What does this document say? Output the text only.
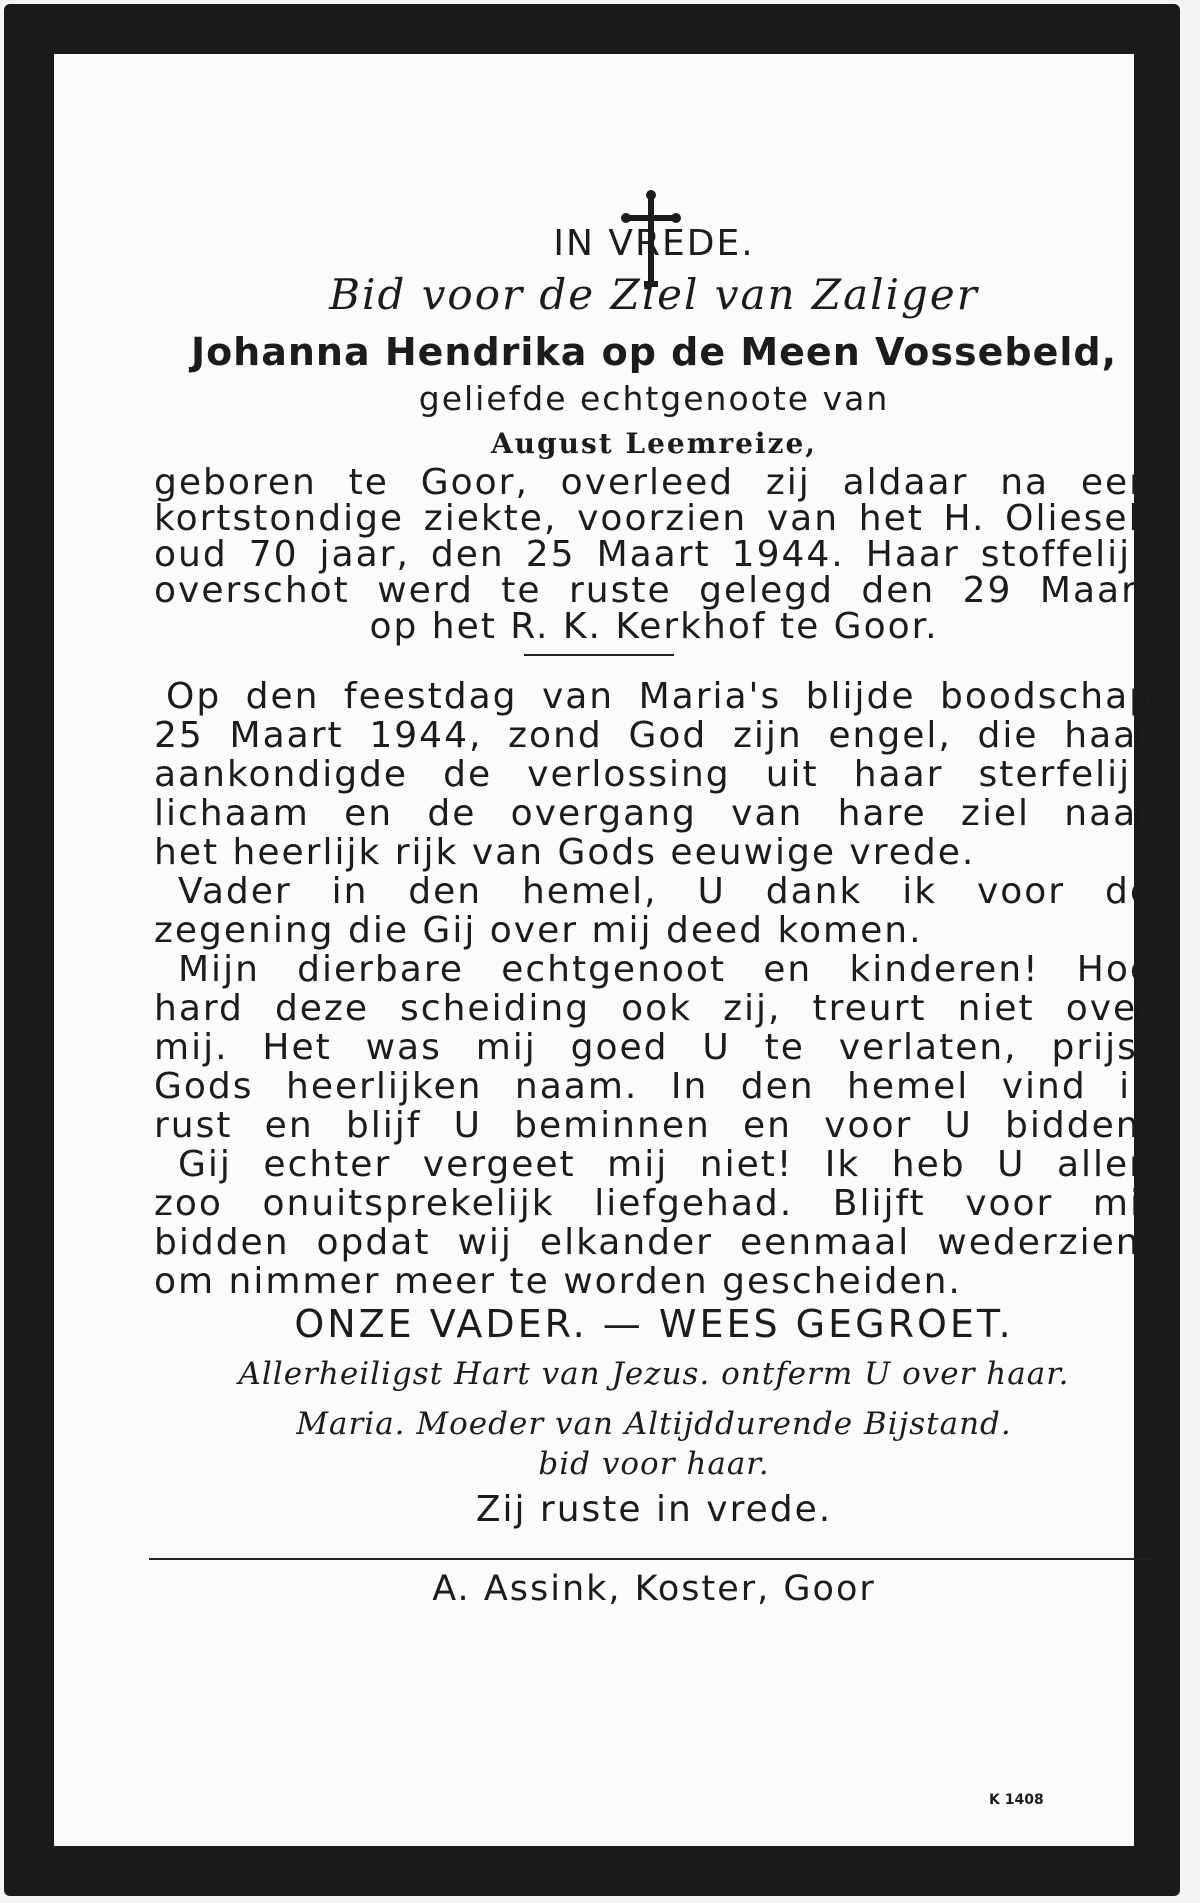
IN VREDE.

Bid voor de Ziel van Zaliger

Johanna Hendrika op de Meen Vossebeld,

geliefde echtgenoote van

August Leemreize,

geboren te Goor, overleed zij aldaar na een

kortstondige ziekte, voorzien van het H. Oliesel,

oud 70 jaar, den 25 Maart 1944. Haar stoffelijk

overschot werd te ruste gelegd den 29 Maart

op het R. K. Kerkhof te Goor.

Op den feestdag van Maria's blijde boodschap

25 Maart 1944, zond God zijn engel, die haar

aankondigde de verlossing uit haar sterfelijk

lichaam en de overgang van hare ziel naar

het heerlijk rijk van Gods eeuwige vrede.

Vader in den hemel, U dank ik voor de

zegening die Gij over mij deed komen.

Mijn dierbare echtgenoot en kinderen! Hoe

hard deze scheiding ook zij, treurt niet over

mij. Het was mij goed U te verlaten, prijst

Gods heerlijken naam. In den hemel vind ik

rust en blijf U beminnen en voor U bidden.

Gij echter vergeet mij niet! Ik heb U allen

zoo onuitsprekelijk liefgehad. Blijft voor mij

bidden opdat wij elkander eenmaal wederzien,

om nimmer meer te worden gescheiden.

ONZE VADER. — WEES GEGROET.

Allerheiligst Hart van Jezus. ontferm U over haar.

Maria. Moeder van Altijddurende Bijstand.

bid voor haar.

Zij ruste in vrede.

A. Assink, Koster, Goor

K 1408
